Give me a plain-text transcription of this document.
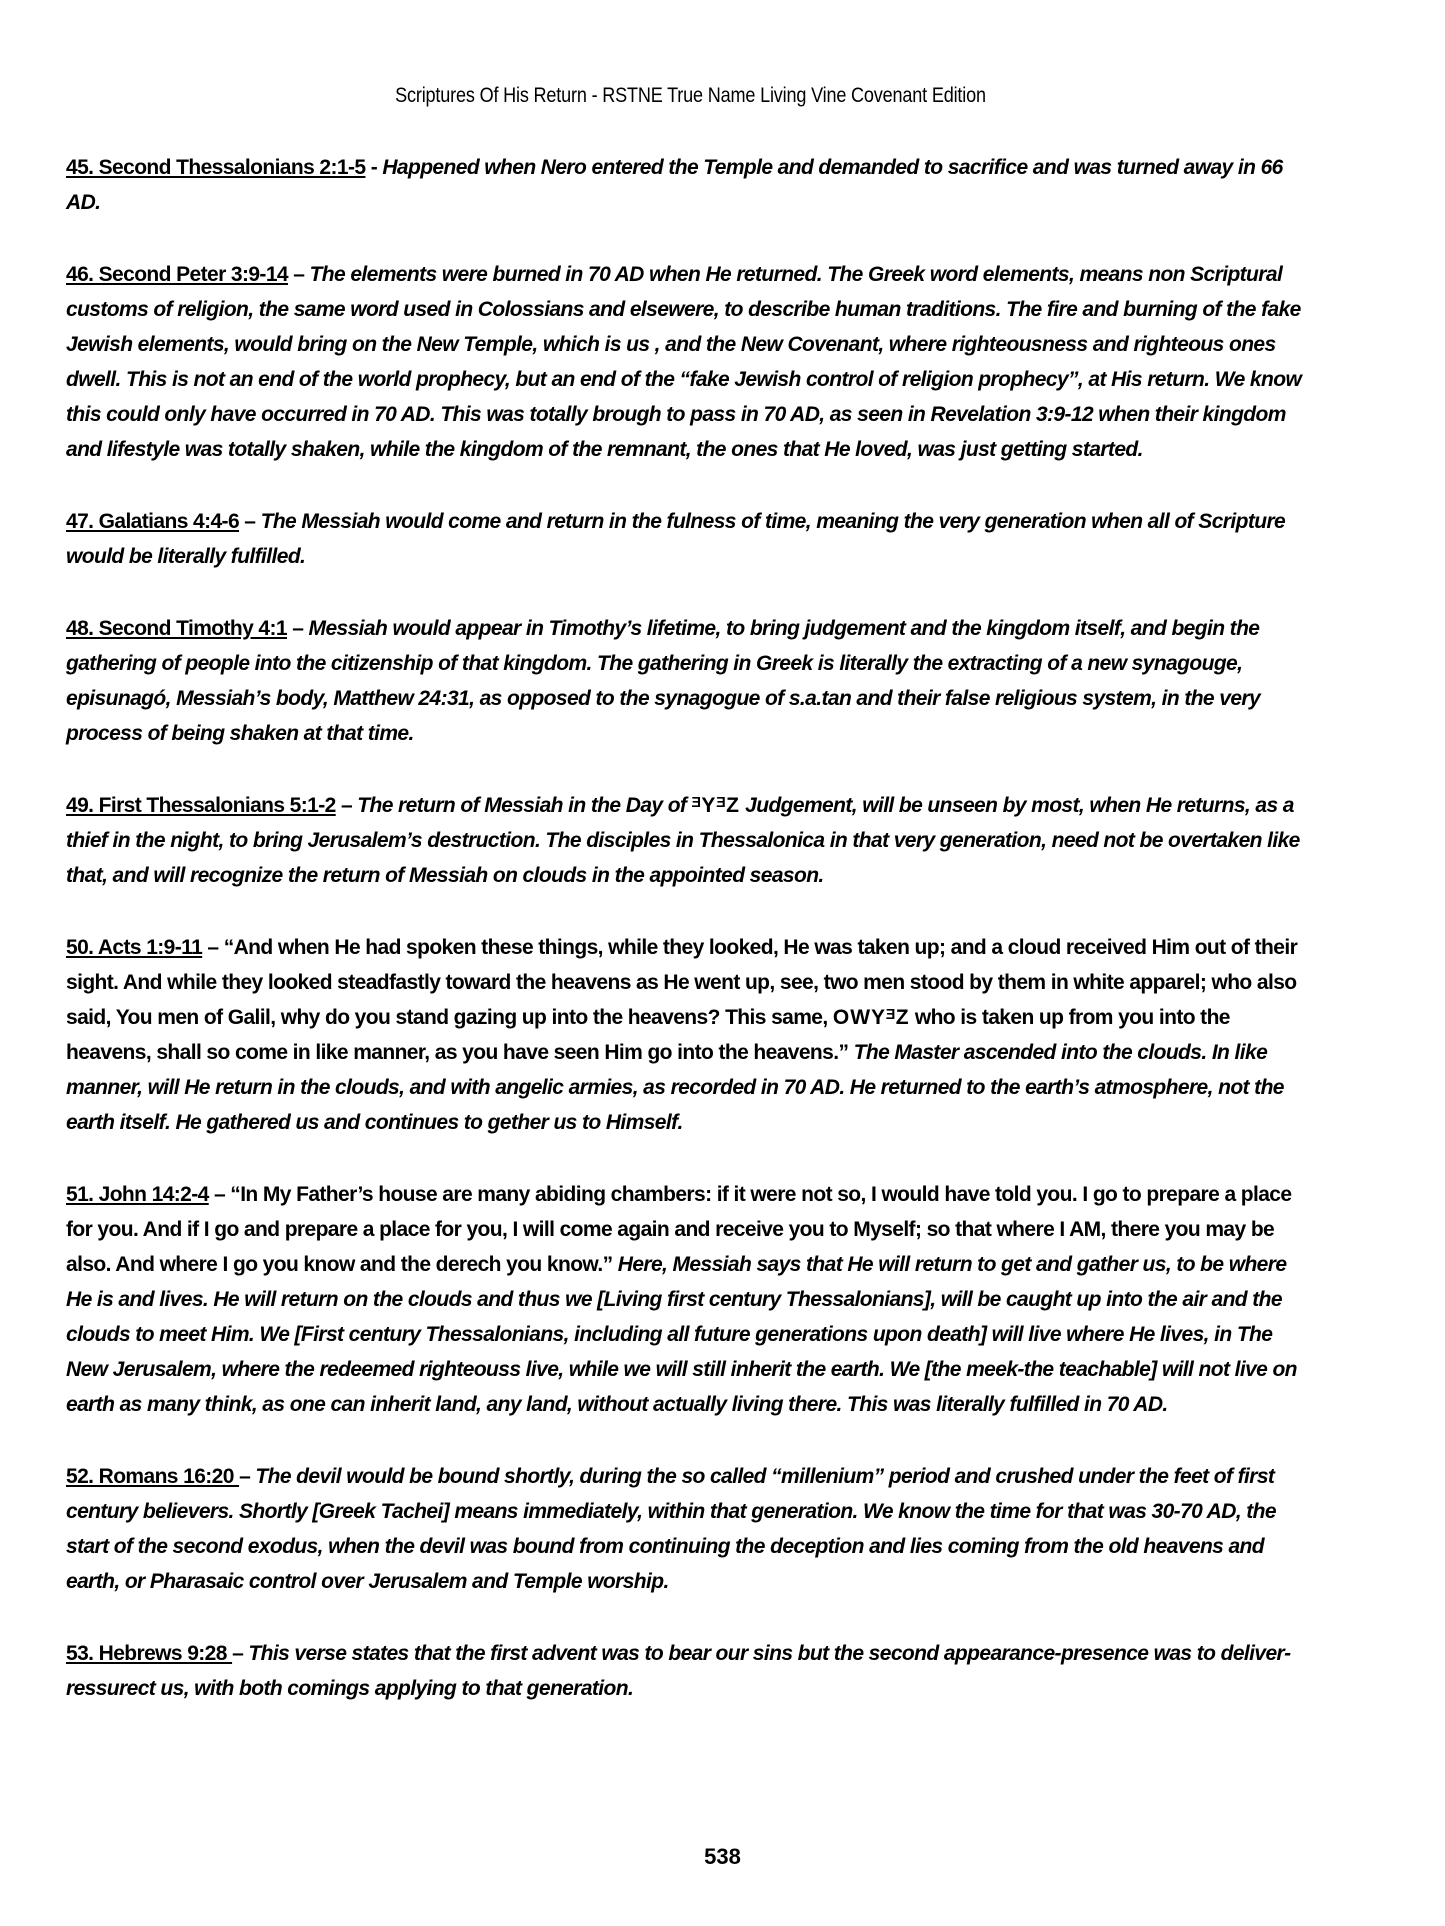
Scriptures Of His Return - RSTNE True Name Living Vine Covenant Edition

45. Second Thessalonians 2:1-5 - Happened when Nero entered the Temple and demanded to sacrifice and was turned away in 66 AD.

46. Second Peter 3:9-14 – The elements were burned in 70 AD when He returned. The Greek word elements, means non Scriptural customs of religion, the same word used in Colossians and elsewere, to describe human traditions. The fire and burning of the fake Jewish elements, would bring on the New Temple, which is us , and the New Covenant, where righteousness and righteous ones dwell. This is not an end of the world prophecy, but an end of the “fake Jewish control of religion prophecy”, at His return. We know this could only have occurred in 70 AD. This was totally brough to pass in 70 AD, as seen in Revelation 3:9-12 when their kingdom and lifestyle was totally shaken, while the kingdom of the remnant, the ones that He loved, was just getting started.

47. Galatians 4:4-6 – The Messiah would come and return in the fulness of time, meaning the very generation when all of Scripture would be literally fulfilled.

48. Second Timothy 4:1 – Messiah would appear in Timothy’s lifetime, to bring judgement and the kingdom itself, and begin the gathering of people into the citizenship of that kingdom. The gathering in Greek is literally the extracting of a new synagouge, episunagó, Messiah’s body, Matthew 24:31, as opposed to the synagogue of s.a.tan and their false religious system, in the very process of being shaken at that time.

49. First Thessalonians 5:1-2 – The return of Messiah in the Day of ᴲYᴲZ Judgement, will be unseen by most, when He returns, as a thief in the night, to bring Jerusalem’s destruction. The disciples in Thessalonica in that very generation, need not be overtaken like that, and will recognize the return of Messiah on clouds in the appointed season.

50. Acts 1:9-11 – “And when He had spoken these things, while they looked, He was taken up; and a cloud received Him out of their sight. And while they looked steadfastly toward the heavens as He went up, see, two men stood by them in white apparel; who also said, You men of Galil, why do you stand gazing up into the heavens? This same, OWYᴲZ who is taken up from you into the heavens, shall so come in like manner, as you have seen Him go into the heavens.” The Master ascended into the clouds. In like manner, will He return in the clouds, and with angelic armies, as recorded in 70 AD. He returned to the earth’s atmosphere, not the earth itself. He gathered us and continues to gether us to Himself.

51. John 14:2-4 – “In My Father’s house are many abiding chambers: if it were not so, I would have told you. I go to prepare a place for you. And if I go and prepare a place for you, I will come again and receive you to Myself; so that where I AM, there you may be also. And where I go you know and the derech you know.” Here, Messiah says that He will return to get and gather us, to be where He is and lives. He will return on the clouds and thus we [Living first century Thessalonians], will be caught up into the air and the clouds to meet Him. We [First century Thessalonians, including all future generations upon death] will live where He lives, in The New Jerusalem, where the redeemed righteouss live, while we will still inherit the earth. We [the meek-the teachable] will not live on earth as many think, as one can inherit land, any land, without actually living there. This was literally fulfilled in 70 AD.

52. Romans 16:20 – The devil would be bound shortly, during the so called “millenium” period and crushed under the feet of first century believers. Shortly [Greek Tachei] means immediately, within that generation. We know the time for that was 30-70 AD, the start of the second exodus, when the devil was bound from continuing the deception and lies coming from the old heavens and earth, or Pharasaic control over Jerusalem and Temple worship.

53. Hebrews 9:28 – This verse states that the first advent was to bear our sins but the second appearance-presence was to deliver-ressurect us, with both comings applying to that generation.

538
